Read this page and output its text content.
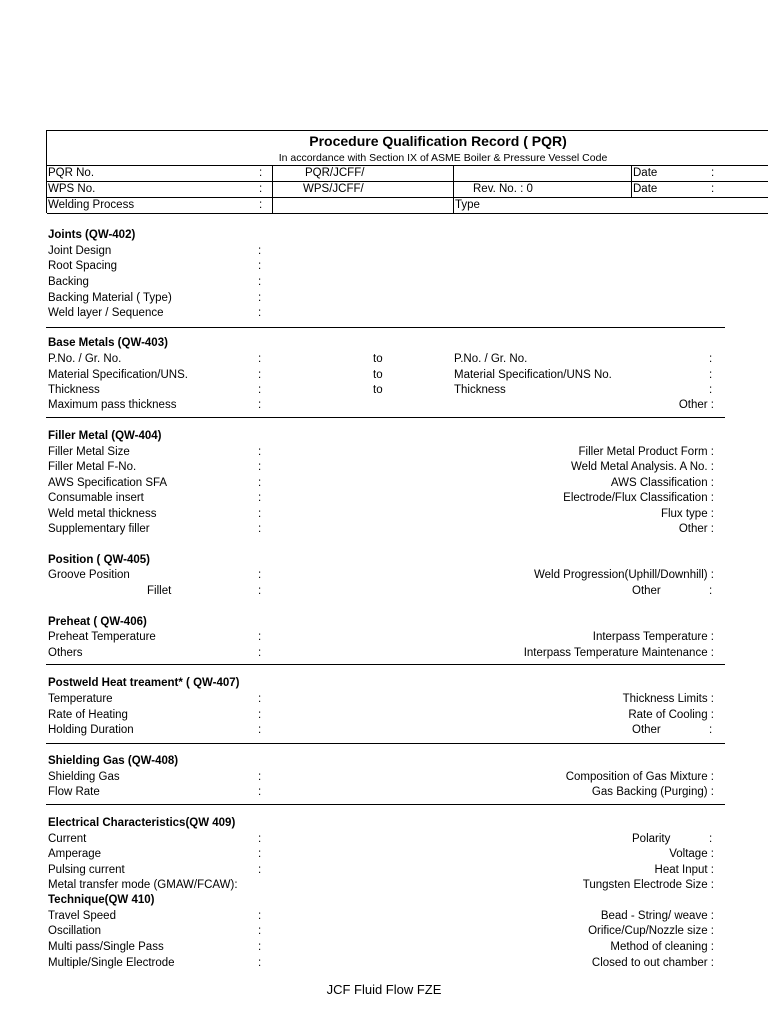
Procedure Qualification Record ( PQR)
In accordance with Section IX of ASME Boiler & Pressure Vessel Code
PQR No.	:	PQR/JCFF/	Date	:
WPS No.	:	WPS/JCFF/	Rev. No. : 0	Date	:
Welding Process	:	Type
Joints (QW-402)
Joint Design	:
Root Spacing	:
Backing	:
Backing Material ( Type)	:
Weld layer / Sequence	:
Base Metals (QW-403)
P.No. / Gr. No.	:	to	P.No. / Gr. No.	:
Material Specification/UNS.	:	to	Material Specification/UNS No.	:
Thickness	:	to	Thickness	:
Maximum pass thickness	:	Other :
Filler Metal (QW-404)
Filler Metal Size	:	Filler Metal Product Form :
Filler Metal F-No.	:	Weld Metal Analysis. A No. :
AWS Specification SFA	:	AWS Classification :
Consumable insert	:	Electrode/Flux Classification :
Weld metal thickness	:	Flux type :
Supplementary filler	:	Other :
Position ( QW-405)
Groove Position	:	Weld Progression(Uphill/Downhill) :
Fillet	:	Other	:
Preheat ( QW-406)
Preheat Temperature	:	Interpass Temperature :
Others	:	Interpass Temperature Maintenance :
Postweld Heat treament* ( QW-407)
Temperature	:	Thickness Limits :
Rate of Heating	:	Rate of Cooling :
Holding Duration	:	Other	:
Shielding Gas (QW-408)
Shielding Gas	:	Composition of Gas Mixture :
Flow Rate	:	Gas Backing (Purging) :
Electrical Characteristics(QW 409)
Current	:	Polarity	:
Amperage	:	Voltage :
Pulsing current	:	Heat Input :
Metal transfer mode (GMAW/FCAW):	Tungsten Electrode Size :
Technique(QW 410)
Travel Speed	:	Bead - String/ weave :
Oscillation	:	Orifice/Cup/Nozzle size :
Multi pass/Single Pass	:	Method of cleaning :
Multiple/Single Electrode	:	Closed to out chamber :
JCF Fluid Flow FZE
